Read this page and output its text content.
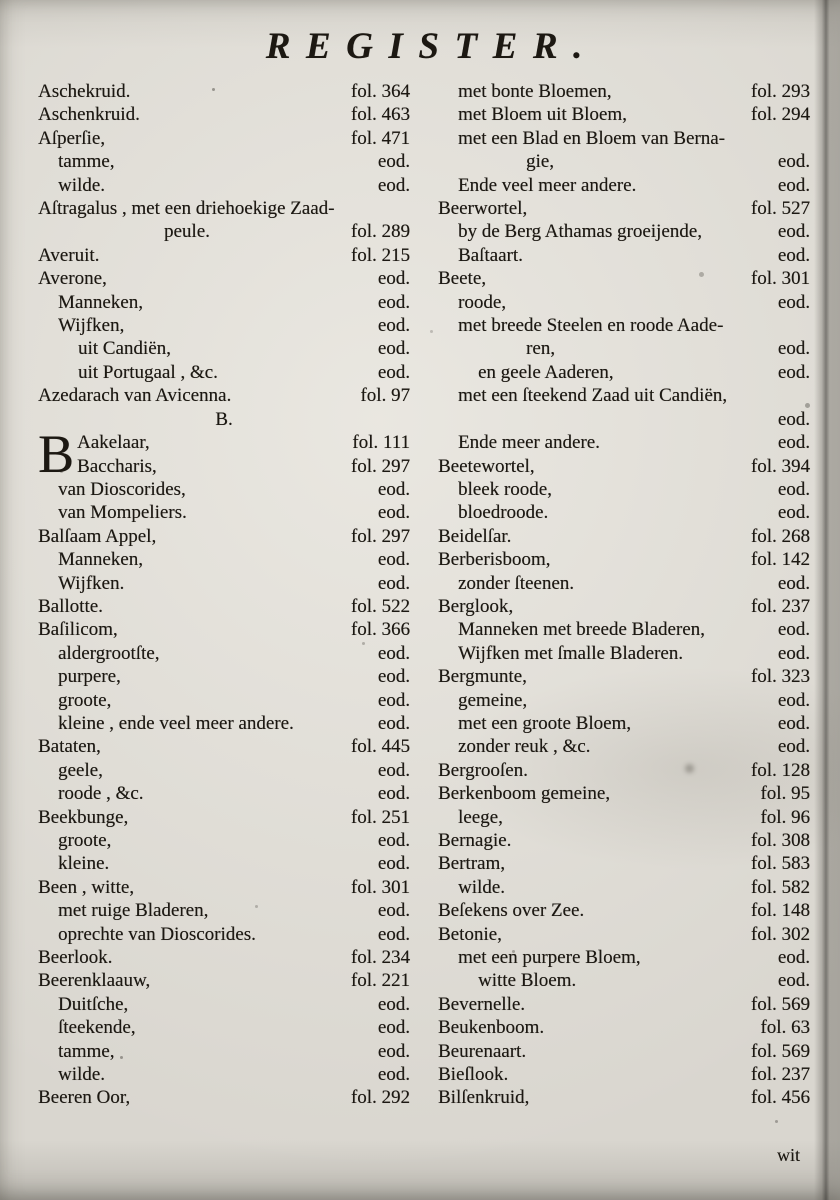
REGISTER.
Aschekruid.	fol. 364
Aschenkruid.	fol. 463
Aſperſie,	fol. 471
tamme,	eod.
wilde.	eod.
Aſtragalus , met een driehoekige Zaad-
peule.	fol. 289
Averuit.	fol. 215
Averone,	eod.
Manneken,	eod.
Wijfken,	eod.
uit Candiën,	eod.
uit Portugaal , &c.	eod.
Azedarach van Avicenna.	fol. 97
B.
B Aakelaar,	fol. 111
Baccharis,	fol. 297
van Dioscorides,	eod.
van Mompeliers.	eod.
Balſaam Appel,	fol. 297
Manneken,	eod.
Wijfken.	eod.
Ballotte.	fol. 522
Baſilicom,	fol. 366
aldergrootſte,	eod.
purpere,	eod.
groote,	eod.
kleine , ende veel meer andere.	eod.
Bataten,	fol. 445
geele,	eod.
roode , &c.	eod.
Beekbunge,	fol. 251
groote,	eod.
kleine.	eod.
Been , witte,	fol. 301
met ruige Bladeren,	eod.
oprechte van Dioscorides.	eod.
Beerlook.	fol. 234
Beerenklaauw,	fol. 221
Duitſche,	eod.
ſteekende,	eod.
tamme,	eod.
wilde.	eod.
Beeren Oor,	fol. 292
met bonte Bloemen,	fol. 293
met Bloem uit Bloem,	fol. 294
met een Blad en Bloem van Berna-
gie,	eod.
Ende veel meer andere.	eod.
Beerwortel,	fol. 527
by de Berg Athamas groeijende,	eod.
Baſtaart.	eod.
Beete,	fol. 301
roode,	eod.
met breede Steelen en roode Aade-
ren,	eod.
en geele Aaderen,	eod.
met een ſteekend Zaad uit Candiën,
eod.
Ende meer andere.	eod.
Beetewortel,	fol. 394
bleek roode,	eod.
bloedroode.	eod.
Beidelſar.	fol. 268
Berberisboom,	fol. 142
zonder ſteenen.	eod.
Berglook,	fol. 237
Manneken met breede Bladeren,	eod.
Wijfken met ſmalle Bladeren.	eod.
Bergmunte,	fol. 323
gemeine,	eod.
met een groote Bloem,	eod.
zonder reuk , &c.	eod.
Bergrooſen.	fol. 128
Berkenboom gemeine,	fol. 95
leege,	fol. 96
Bernagie.	fol. 308
Bertram,	fol. 583
wilde.	fol. 582
Beſekens over Zee.	fol. 148
Betonie,	fol. 302
met een purpere Bloem,	eod.
witte Bloem.	eod.
Bevernelle.	fol. 569
Beukenboom.	fol. 63
Beurenaart.	fol. 569
Bieſlook.	fol. 237
Bilſenkruid,	fol. 456
wit
